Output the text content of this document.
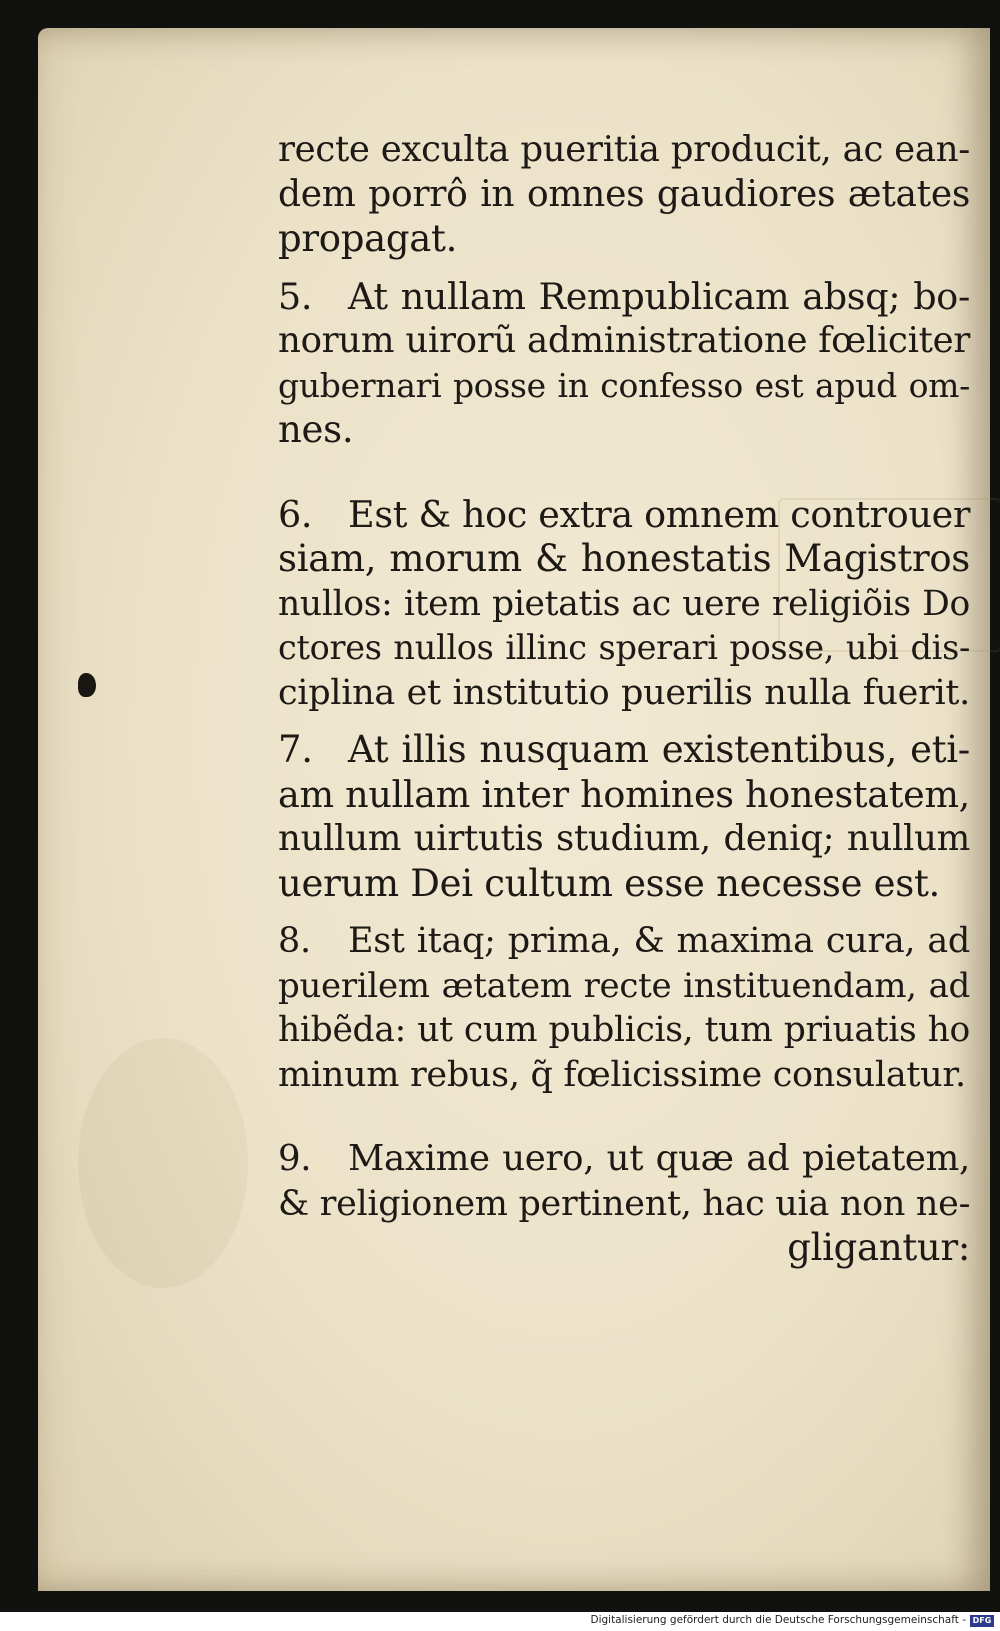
recte exculta pueritia producit, ac ean-
dem porrô in omnes gaudiores ætates
propagat.
5. At nullam Rempublicam absq; bo-
norum uirorũ administratione fœliciter
gubernari posse in confesso est apud om-
nes.
6. Est & hoc extra omnem controuer
siam, morum & honestatis Magistros
nullos: item pietatis ac uere religiõis Do
ctores nullos illinc sperari posse, ubi dis-
ciplina et institutio puerilis nulla fuerit.
7. At illis nusquam existentibus, eti-
am nullam inter homines honestatem,
nullum uirtutis studium, deniq; nullum
uerum Dei cultum esse necesse est.
8. Est itaq; prima, & maxima cura, ad
puerilem ætatem recte instituendam, ad
hibẽda: ut cum publicis, tum priuatis ho
minum rebus, q̃ fœlicissime consulatur.
9. Maxime uero, ut quæ ad pietatem,
& religionem pertinent, hac uia non ne-
gligantur:
Digitalisierung gefördert durch die Deutsche Forschungsgemeinschaft - DFG
